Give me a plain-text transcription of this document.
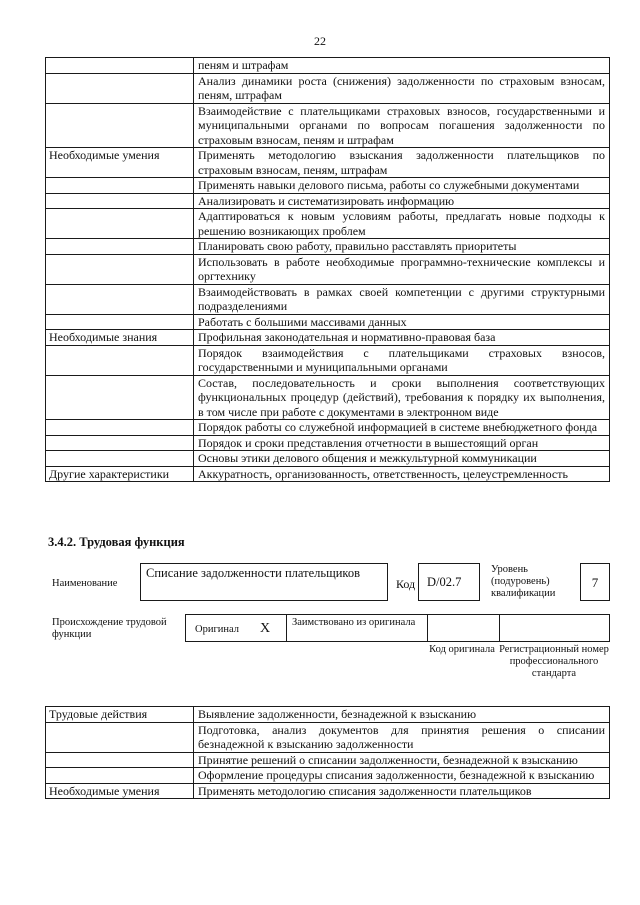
22
	пеням и штрафам
	Анализ динамики роста (снижения) задолженности по страховым взносам, пеням, штрафам
	Взаимодействие с плательщиками страховых взносов, государственными и муниципальными органами по вопросам погашения задолженности по страховым взносам, пеням и штрафам
Необходимые умения	Применять методологию взыскания задолженности плательщиков по страховым взносам, пеням, штрафам
	Применять навыки делового письма, работы со служебными документами
	Анализировать и систематизировать информацию
	Адаптироваться к новым условиям работы, предлагать новые подходы к решению возникающих проблем
	Планировать свою работу, правильно расставлять приоритеты
	Использовать в работе необходимые программно-технические комплексы и оргтехнику
	Взаимодействовать в рамках своей компетенции с другими структурными подразделениями
	Работать с большими массивами данных
Необходимые знания	Профильная законодательная и нормативно-правовая база
	Порядок взаимодействия с плательщиками страховых взносов, государственными и муниципальными органами
	Состав, последовательность и сроки выполнения соответствующих функциональных процедур (действий), требования к порядку их выполнения, в том числе при работе с документами в электронном виде
	Порядок работы со служебной информацией в системе внебюджетного фонда
	Порядок и сроки представления отчетности в вышестоящий орган
	Основы этики делового общения и межкультурной коммуникации
Другие характеристики	Аккуратность, организованность, ответственность, целеустремленность
3.4.2. Трудовая функция
Наименование
Списание задолженности плательщиков
Код D/02.7
Уровень (подуровень) квалификации
7
Происхождение трудовой функции	Оригинал X Заимствовано из оригинала
Код оригинала Регистрационный номер профессионального стандарта
Трудовые действия	Выявление задолженности, безнадежной к взысканию
	Подготовка, анализ документов для принятия решения о списании безнадежной к взысканию задолженности
	Принятие решений о списании задолженности, безнадежной к взысканию
	Оформление процедуры списания задолженности, безнадежной к взысканию
Необходимые умения	Применять методологию списания задолженности плательщиков
